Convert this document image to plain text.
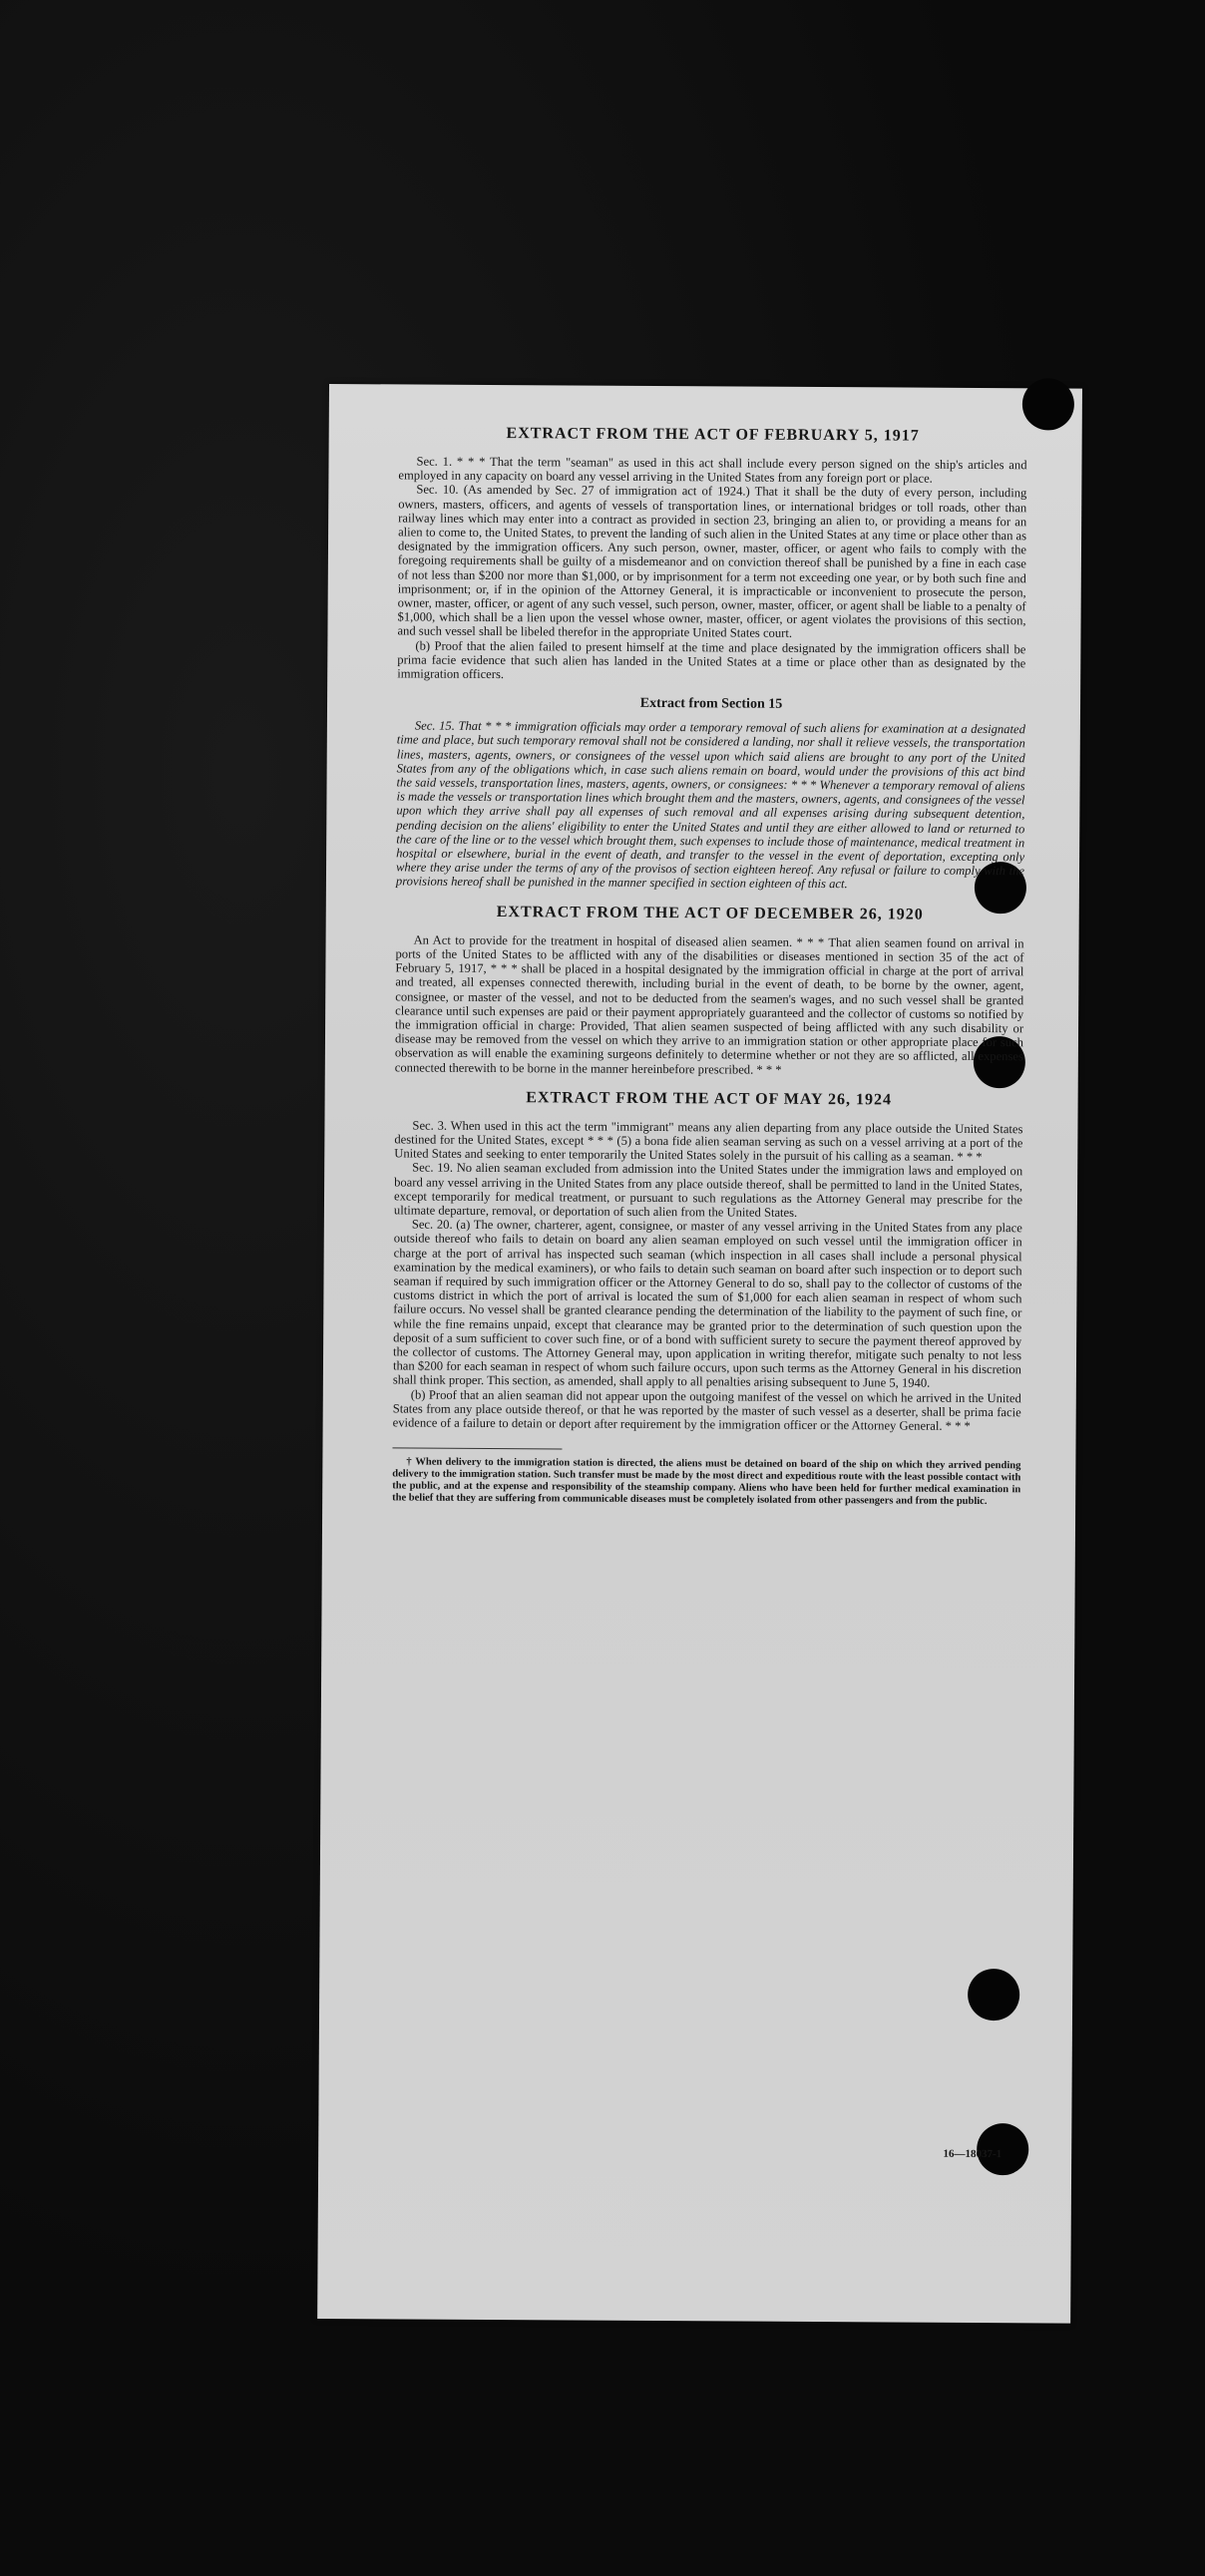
EXTRACT FROM THE ACT OF FEBRUARY 5, 1917

Sec. 1. * * * That the term "seaman" as used in this act shall include every person signed on the ship's articles and employed in any capacity on board any vessel arriving in the United States from any foreign port or place.

Sec. 10. (As amended by Sec. 27 of immigration act of 1924.) That it shall be the duty of every person, including owners, masters, officers, and agents of vessels of transportation lines, or international bridges or toll roads, other than railway lines which may enter into a contract as provided in section 23, bringing an alien to, or providing a means for an alien to come to, the United States, to prevent the landing of such alien in the United States at any time or place other than as designated by the immigration officers. Any such person, owner, master, officer, or agent who fails to comply with the foregoing requirements shall be guilty of a misdemeanor and on conviction thereof shall be punished by a fine in each case of not less than $200 nor more than $1,000, or by imprisonment for a term not exceeding one year, or by both such fine and imprisonment; or, if in the opinion of the Attorney General, it is impracticable or inconvenient to prosecute the person, owner, master, officer, or agent of any such vessel, such person, owner, master, officer, or agent shall be liable to a penalty of $1,000, which shall be a lien upon the vessel whose owner, master, officer, or agent violates the provisions of this section, and such vessel shall be libeled therefor in the appropriate United States court.

(b) Proof that the alien failed to present himself at the time and place designated by the immigration officers shall be prima facie evidence that such alien has landed in the United States at a time or place other than as designated by the immigration officers.

Extract from Section 15

Sec. 15. That * * * immigration officials may order a temporary removal of such aliens for examination at a designated time and place, but such temporary removal shall not be considered a landing, nor shall it relieve vessels, the transportation lines, masters, agents, owners, or consignees of the vessel upon which said aliens are brought to any port of the United States from any of the obligations which, in case such aliens remain on board, would under the provisions of this act bind the said vessels, transportation lines, masters, agents, owners, or consignees: * * * Whenever a temporary removal of aliens is made the vessels or transportation lines which brought them and the masters, owners, agents, and consignees of the vessel upon which they arrive shall pay all expenses of such removal and all expenses arising during subsequent detention, pending decision on the aliens' eligibility to enter the United States and until they are either allowed to land or returned to the care of the line or to the vessel which brought them, such expenses to include those of maintenance, medical treatment in hospital or elsewhere, burial in the event of death, and transfer to the vessel in the event of deportation, excepting only where they arise under the terms of any of the provisos of section eighteen hereof. Any refusal or failure to comply with the provisions hereof shall be punished in the manner specified in section eighteen of this act.

EXTRACT FROM THE ACT OF DECEMBER 26, 1920

An Act to provide for the treatment in hospital of diseased alien seamen. * * * That alien seamen found on arrival in ports of the United States to be afflicted with any of the disabilities or diseases mentioned in section 35 of the act of February 5, 1917, * * * shall be placed in a hospital designated by the immigration official in charge at the port of arrival and treated, all expenses connected therewith, including burial in the event of death, to be borne by the owner, agent, consignee, or master of the vessel, and not to be deducted from the seamen's wages, and no such vessel shall be granted clearance until such expenses are paid or their payment appropriately guaranteed and the collector of customs so notified by the immigration official in charge: Provided, That alien seamen suspected of being afflicted with any such disability or disease may be removed from the vessel on which they arrive to an immigration station or other appropriate place for such observation as will enable the examining surgeons definitely to determine whether or not they are so afflicted, all expenses connected therewith to be borne in the manner hereinbefore prescribed. * * *

EXTRACT FROM THE ACT OF MAY 26, 1924

Sec. 3. When used in this act the term "immigrant" means any alien departing from any place outside the United States destined for the United States, except * * * (5) a bona fide alien seaman serving as such on a vessel arriving at a port of the United States and seeking to enter temporarily the United States solely in the pursuit of his calling as a seaman. * * *

Sec. 19. No alien seaman excluded from admission into the United States under the immigration laws and employed on board any vessel arriving in the United States from any place outside thereof, shall be permitted to land in the United States, except temporarily for medical treatment, or pursuant to such regulations as the Attorney General may prescribe for the ultimate departure, removal, or deportation of such alien from the United States.

Sec. 20. (a) The owner, charterer, agent, consignee, or master of any vessel arriving in the United States from any place outside thereof who fails to detain on board any alien seaman employed on such vessel until the immigration officer in charge at the port of arrival has inspected such seaman (which inspection in all cases shall include a personal physical examination by the medical examiners), or who fails to detain such seaman on board after such inspection or to deport such seaman if required by such immigration officer or the Attorney General to do so, shall pay to the collector of customs of the customs district in which the port of arrival is located the sum of $1,000 for each alien seaman in respect of whom such failure occurs. No vessel shall be granted clearance pending the determination of the liability to the payment of such fine, or while the fine remains unpaid, except that clearance may be granted prior to the determination of such question upon the deposit of a sum sufficient to cover such fine, or of a bond with sufficient surety to secure the payment thereof approved by the collector of customs. The Attorney General may, upon application in writing therefor, mitigate such penalty to not less than $200 for each seaman in respect of whom such failure occurs, upon such terms as the Attorney General in his discretion shall think proper. This section, as amended, shall apply to all penalties arising subsequent to June 5, 1940.

(b) Proof that an alien seaman did not appear upon the outgoing manifest of the vessel on which he arrived in the United States from any place outside thereof, or that he was reported by the master of such vessel as a deserter, shall be prima facie evidence of a failure to detain or deport after requirement by the immigration officer or the Attorney General. * * *

† When delivery to the immigration station is directed, the aliens must be detained on board of the ship on which they arrived pending delivery to the immigration station. Such transfer must be made by the most direct and expeditious route with the least possible contact with the public, and at the expense and responsibility of the steamship company. Aliens who have been held for further medical examination in the belief that they are suffering from communicable diseases must be completely isolated from other passengers and from the public.

16—18037-1
